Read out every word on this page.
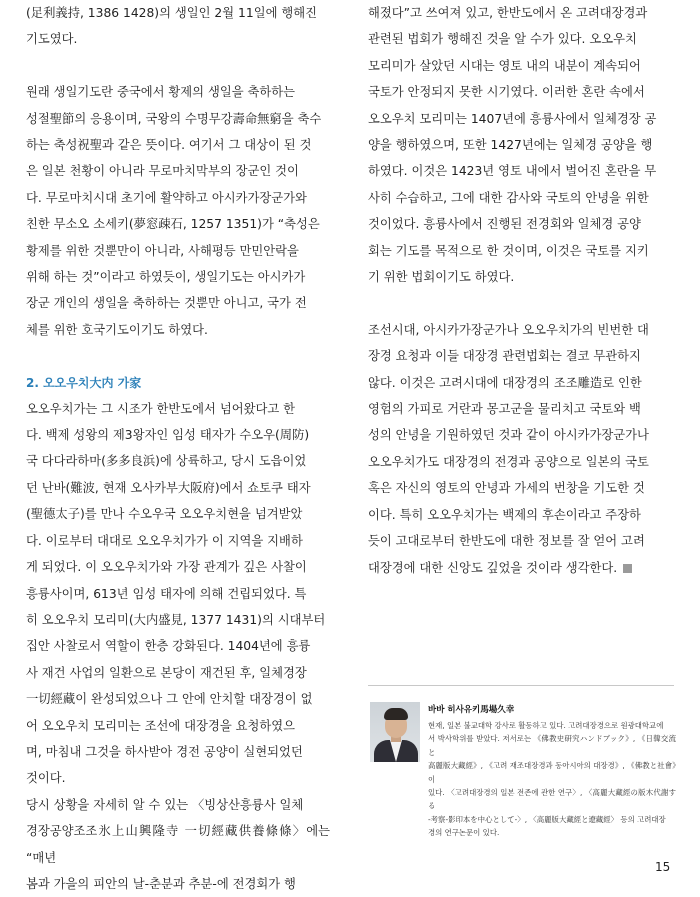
(足利義持, 1386 1428)의 생일인 2월 11일에 행해진
기도였다.

원래 생일기도란 중국에서 황제의 생일을 축하하는
성절聖節의 응용이며, 국왕의 수명무강壽命無窮을 축수
하는 축성祝聖과 같은 뜻이다. 여기서 그 대상이 된 것
은 일본 천황이 아니라 무로마치막부의 장군인 것이
다. 무로마치시대 초기에 활약하고 아시카가장군가와
친한 무소오 소세키(夢窓疎石, 1257 1351)가 “축성은
황제를 위한 것뿐만이 아니라, 사해평등 만민안락을
위해 하는 것”이라고 하였듯이, 생일기도는 아시카가
장군 개인의 생일을 축하하는 것뿐만 아니고, 국가 전
체를 위한 호국기도이기도 하였다.

2. 오오우치大内 가家

오오우치가는 그 시조가 한반도에서 넘어왔다고 한
다. 백제 성왕의 제3왕자인 임성 태자가 수오우(周防)
국 다다라하마(多多良浜)에 상륙하고, 당시 도읍이었
던 난바(難波, 현재 오사카부大阪府)에서 쇼토쿠 태자
(聖德太子)를 만나 수오우국 오오우치현을 넘겨받았
다. 이로부터 대대로 오오우치가가 이 지역을 지배하
게 되었다. 이 오오우치가와 가장 관계가 깊은 사찰이
흥륭사이며, 613년 임성 태자에 의해 건립되었다. 특
히 오오우치 모리미(大内盛見, 1377 1431)의 시대부터
집안 사찰로서 역할이 한층 강화된다. 1404년에 흥륭
사 재건 사업의 일환으로 본당이 재건된 후, 일체경장
一切經藏이 완성되었으나 그 안에 안치할 대장경이 없
어 오오우치 모리미는 조선에 대장경을 요청하였으
며, 마침내 그것을 하사받아 경전 공양이 실현되었던
것이다.

당시 상황을 자세히 알 수 있는 〈빙상산흥륭사 일체
경장공양조조氷上山興隆寺 一切經藏供養條條〉에는 “매년
봄과 가을의 피안의 날-춘분과 추분-에 전경회가 행

해졌다”고 쓰여져 있고, 한반도에서 온 고려대장경과
관련된 법회가 행해진 것을 알 수가 있다. 오오우치
모리미가 살았던 시대는 영토 내의 내분이 계속되어
국토가 안정되지 못한 시기였다. 이러한 혼란 속에서
오오우치 모리미는 1407년에 흥륭사에서 일체경장 공
양을 행하였으며, 또한 1427년에는 일체경 공양을 행
하였다. 이것은 1423년 영토 내에서 벌어진 혼란을 무
사히 수습하고, 그에 대한 감사와 국토의 안녕을 위한
것이었다. 흥륭사에서 진행된 전경회와 일체경 공양
회는 기도를 목적으로 한 것이며, 이것은 국토를 지키
기 위한 법회이기도 하였다.

조선시대, 아시카가장군가나 오오우치가의 빈번한 대
장경 요청과 이들 대장경 관련법회는 결코 무관하지
않다. 이것은 고려시대에 대장경의 조조雕造로 인한
영험의 가피로 거란과 몽고군을 물리치고 국토와 백
성의 안녕을 기원하였던 것과 같이 아시카가장군가나
오오우치가도 대장경의 전경과 공양으로 일본의 국토
혹은 자신의 영토의 안녕과 가세의 번창을 기도한 것
이다. 특히 오오우치가는 백제의 후손이라고 주장하
듯이 고대로부터 한반도에 대한 정보를 잘 얻어 고려
대장경에 대한 신앙도 깊었을 것이라 생각한다.

바바 히사유키馬場久幸

현재, 일본 불교대학 강사로 활동하고 있다. 고려대장경으로 원광대학교에
서 박사학위를 받았다. 저서로는 《佛教史研究ハンドブック》, 《日韓交流と
高麗版大藏經》, 《고려 재조대장경과 동아시아의 대장경》, 《佛教と社會》이
있다. 〈고려대장경의 일본 전존에 관한 연구〉, 〈高麗大藏經の版木代謝する
-考察-影印本を中心として-〉, 〈高麗版大藏經と遼藏經〉 등의 고려대장
경의 연구논문이 있다.

15
